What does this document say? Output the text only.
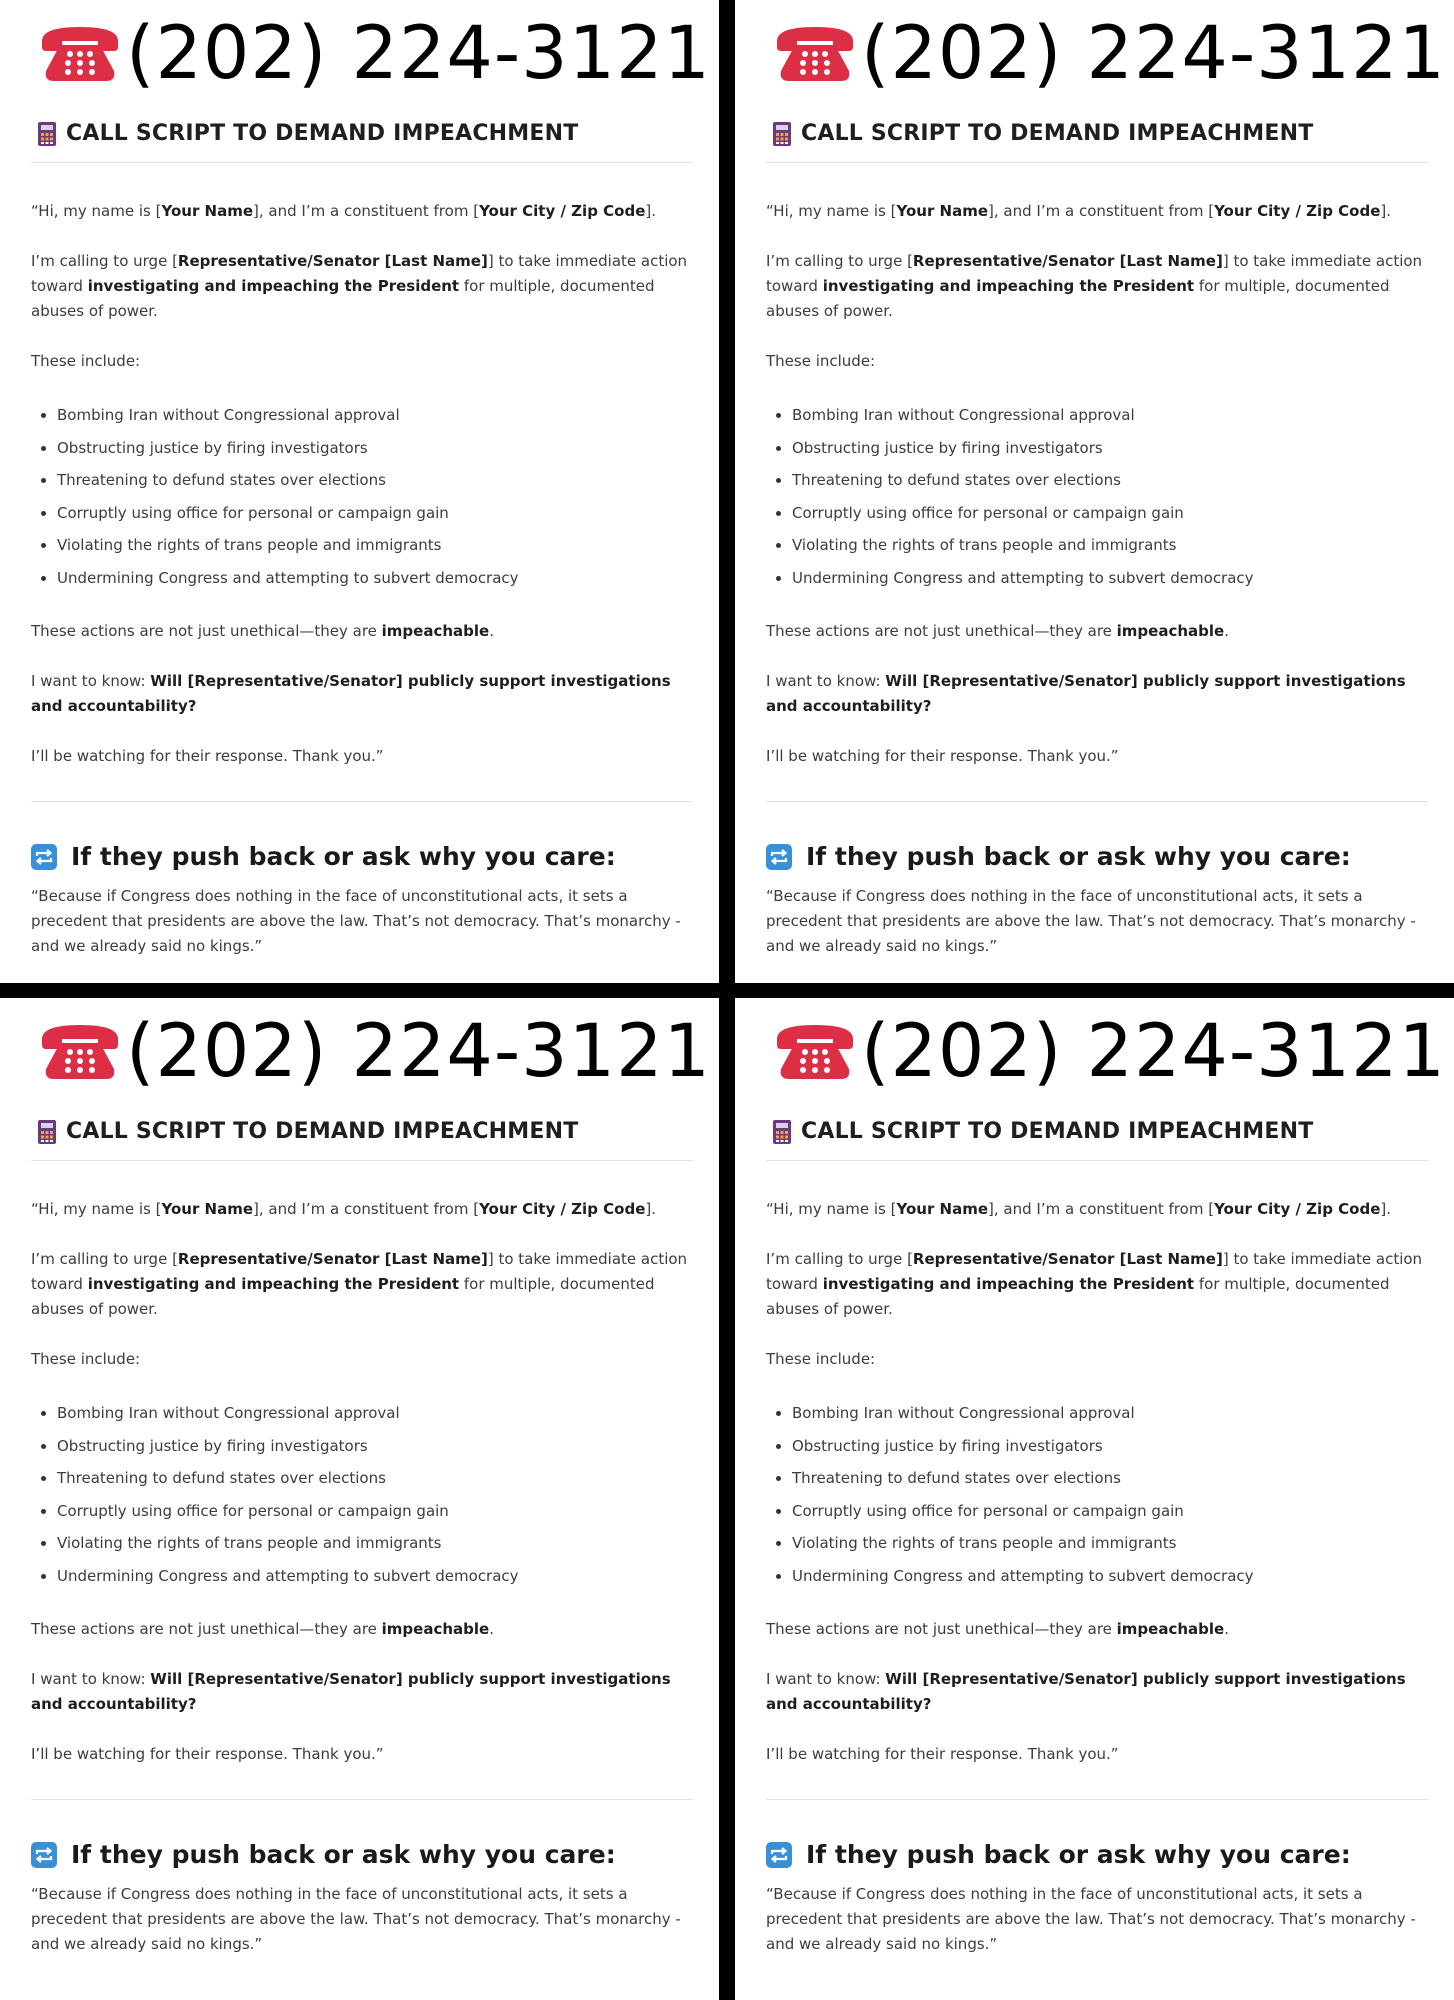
(202) 224-3121
CALL SCRIPT TO DEMAND IMPEACHMENT

“Hi, my name is [Your Name], and I’m a constituent from [Your City / Zip Code].

I’m calling to urge [Representative/Senator [Last Name]] to take immediate action toward investigating and impeaching the President for multiple, documented abuses of power.

These include:

• Bombing Iran without Congressional approval
• Obstructing justice by firing investigators
• Threatening to defund states over elections
• Corruptly using office for personal or campaign gain
• Violating the rights of trans people and immigrants
• Undermining Congress and attempting to subvert democracy

These actions are not just unethical—they are impeachable.

I want to know: Will [Representative/Senator] publicly support investigations and accountability?

I’ll be watching for their response. Thank you.”

If they push back or ask why you care:

“Because if Congress does nothing in the face of unconstitutional acts, it sets a precedent that presidents are above the law. That’s not democracy. That’s monarchy - and we already said no kings.”

(202) 224-3121
CALL SCRIPT TO DEMAND IMPEACHMENT

“Hi, my name is [Your Name], and I’m a constituent from [Your City / Zip Code].

I’m calling to urge [Representative/Senator [Last Name]] to take immediate action toward investigating and impeaching the President for multiple, documented abuses of power.

These include:

• Bombing Iran without Congressional approval
• Obstructing justice by firing investigators
• Threatening to defund states over elections
• Corruptly using office for personal or campaign gain
• Violating the rights of trans people and immigrants
• Undermining Congress and attempting to subvert democracy

These actions are not just unethical—they are impeachable.

I want to know: Will [Representative/Senator] publicly support investigations and accountability?

I’ll be watching for their response. Thank you.”

If they push back or ask why you care:

“Because if Congress does nothing in the face of unconstitutional acts, it sets a precedent that presidents are above the law. That’s not democracy. That’s monarchy - and we already said no kings.”

(202) 224-3121
CALL SCRIPT TO DEMAND IMPEACHMENT

“Hi, my name is [Your Name], and I’m a constituent from [Your City / Zip Code].

I’m calling to urge [Representative/Senator [Last Name]] to take immediate action toward investigating and impeaching the President for multiple, documented abuses of power.

These include:

• Bombing Iran without Congressional approval
• Obstructing justice by firing investigators
• Threatening to defund states over elections
• Corruptly using office for personal or campaign gain
• Violating the rights of trans people and immigrants
• Undermining Congress and attempting to subvert democracy

These actions are not just unethical—they are impeachable.

I want to know: Will [Representative/Senator] publicly support investigations and accountability?

I’ll be watching for their response. Thank you.”

If they push back or ask why you care:

“Because if Congress does nothing in the face of unconstitutional acts, it sets a precedent that presidents are above the law. That’s not democracy. That’s monarchy - and we already said no kings.”

(202) 224-3121
CALL SCRIPT TO DEMAND IMPEACHMENT

“Hi, my name is [Your Name], and I’m a constituent from [Your City / Zip Code].

I’m calling to urge [Representative/Senator [Last Name]] to take immediate action toward investigating and impeaching the President for multiple, documented abuses of power.

These include:

• Bombing Iran without Congressional approval
• Obstructing justice by firing investigators
• Threatening to defund states over elections
• Corruptly using office for personal or campaign gain
• Violating the rights of trans people and immigrants
• Undermining Congress and attempting to subvert democracy

These actions are not just unethical—they are impeachable.

I want to know: Will [Representative/Senator] publicly support investigations and accountability?

I’ll be watching for their response. Thank you.”

If they push back or ask why you care:

“Because if Congress does nothing in the face of unconstitutional acts, it sets a precedent that presidents are above the law. That’s not democracy. That’s monarchy - and we already said no kings.”
